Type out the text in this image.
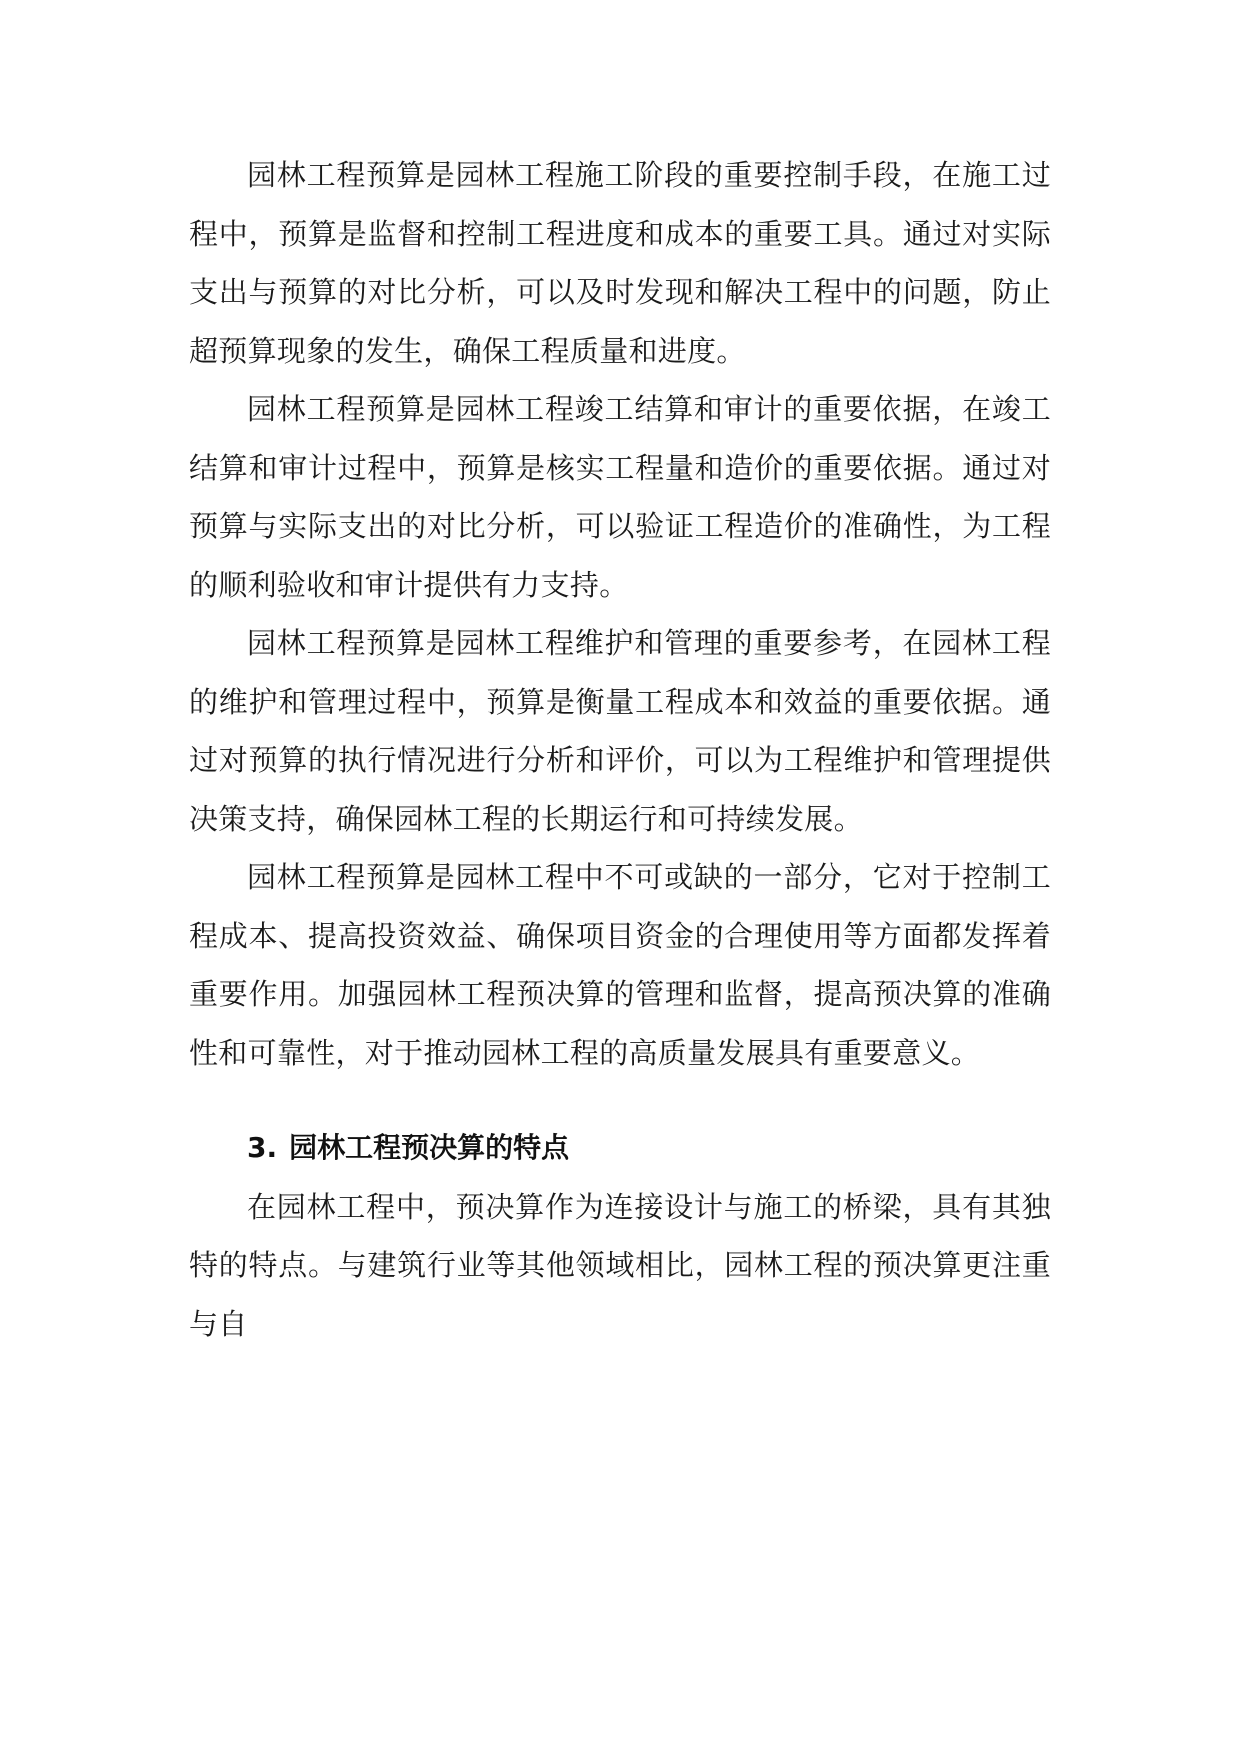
园林工程预算是园林工程施工阶段的重要控制手段，在施工过程中，预算是监督和控制工程进度和成本的重要工具。通过对实际支出与预算的对比分析，可以及时发现和解决工程中的问题，防止超预算现象的发生，确保工程质量和进度。

园林工程预算是园林工程竣工结算和审计的重要依据，在竣工结算和审计过程中，预算是核实工程量和造价的重要依据。通过对预算与实际支出的对比分析，可以验证工程造价的准确性，为工程的顺利验收和审计提供有力支持。

园林工程预算是园林工程维护和管理的重要参考，在园林工程的维护和管理过程中，预算是衡量工程成本和效益的重要依据。通过对预算的执行情况进行分析和评价，可以为工程维护和管理提供决策支持，确保园林工程的长期运行和可持续发展。

园林工程预算是园林工程中不可或缺的一部分，它对于控制工程成本、提高投资效益、确保项目资金的合理使用等方面都发挥着重要作用。加强园林工程预决算的管理和监督，提高预决算的准确性和可靠性，对于推动园林工程的高质量发展具有重要意义。

3. 园林工程预决算的特点

在园林工程中，预决算作为连接设计与施工的桥梁，具有其独特的特点。与建筑行业等其他领域相比，园林工程的预决算更注重与自
